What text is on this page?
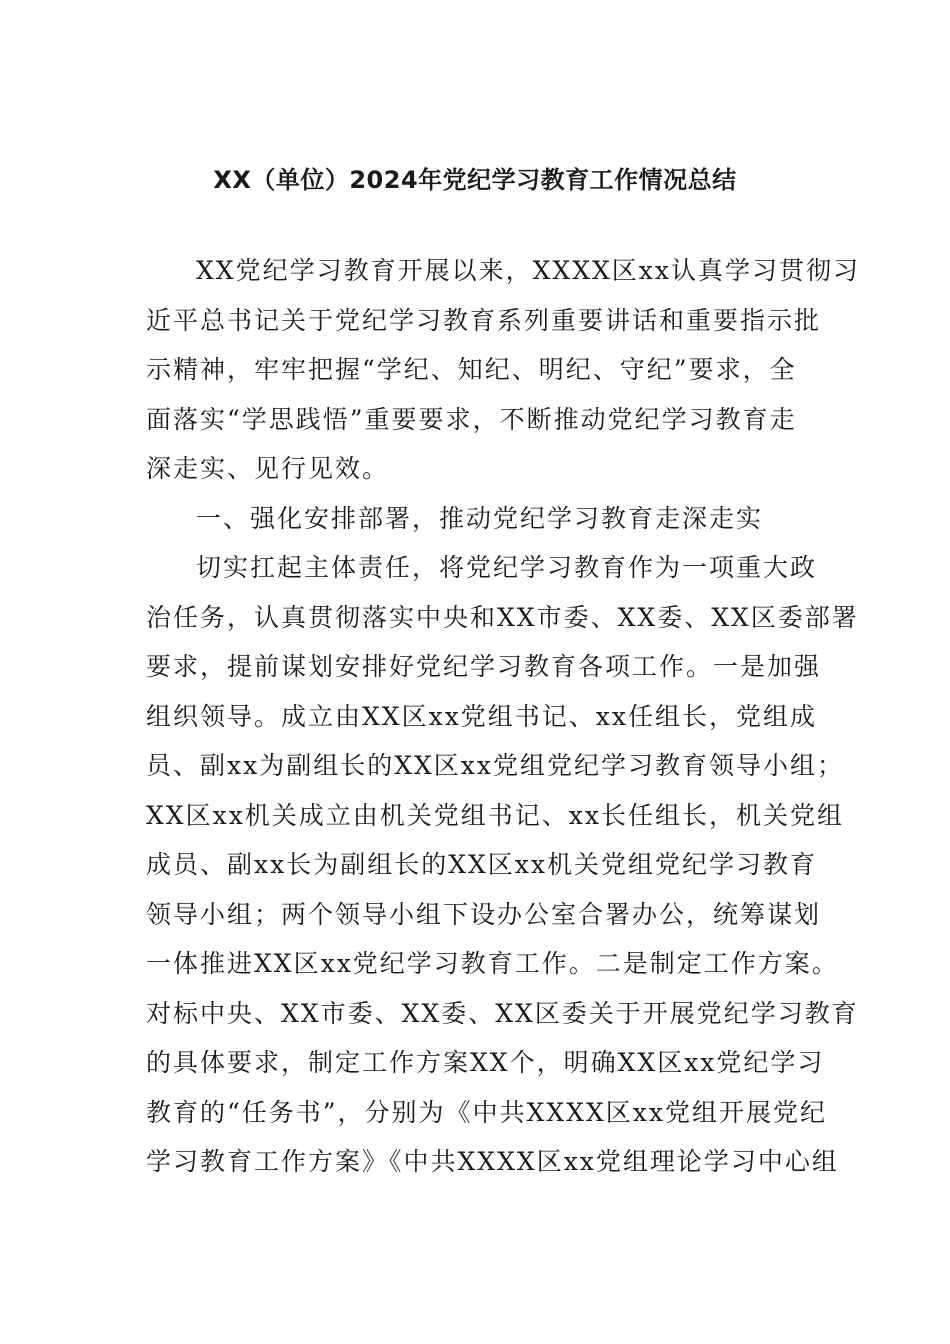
XX（单位）2024年党纪学习教育工作情况总结
XX党纪学习教育开展以来，XXXX区xx认真学习贯彻习
近平总书记关于党纪学习教育系列重要讲话和重要指示批
示精神，牢牢把握“学纪、知纪、明纪、守纪”要求，全
面落实“学思践悟”重要要求，不断推动党纪学习教育走
深走实、见行见效。
一、强化安排部署，推动党纪学习教育走深走实
切实扛起主体责任，将党纪学习教育作为一项重大政
治任务，认真贯彻落实中央和XX市委、XX委、XX区委部署
要求，提前谋划安排好党纪学习教育各项工作。一是加强
组织领导。成立由XX区xx党组书记、xx任组长，党组成
员、副xx为副组长的XX区xx党组党纪学习教育领导小组；
XX区xx机关成立由机关党组书记、xx长任组长，机关党组
成员、副xx长为副组长的XX区xx机关党组党纪学习教育
领导小组；两个领导小组下设办公室合署办公，统筹谋划
一体推进XX区xx党纪学习教育工作。二是制定工作方案。
对标中央、XX市委、XX委、XX区委关于开展党纪学习教育
的具体要求，制定工作方案XX个，明确XX区xx党纪学习
教育的“任务书”，分别为《中共XXXX区xx党组开展党纪
学习教育工作方案》《中共XXXX区xx党组理论学习中心组
